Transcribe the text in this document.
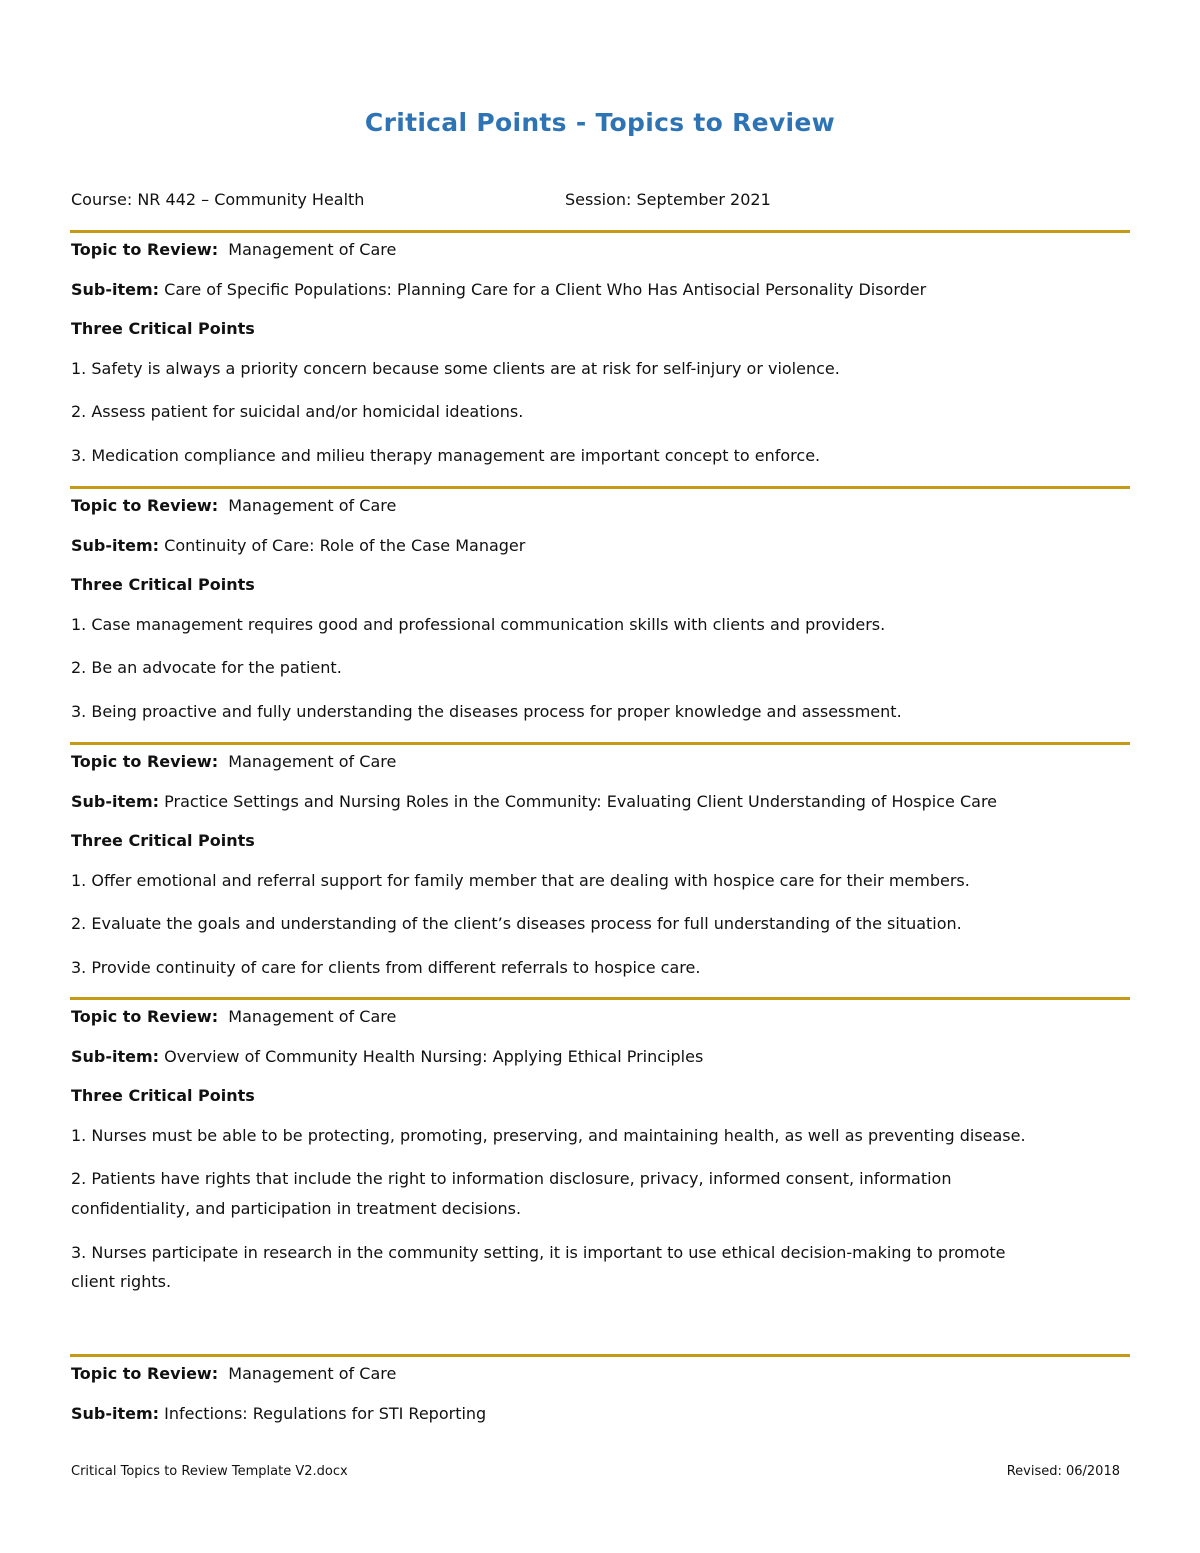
Critical Points - Topics to Review
Course: NR 442 – Community Health	Session: September 2021
Topic to Review: Management of Care
Sub-item: Care of Specific Populations: Planning Care for a Client Who Has Antisocial Personality Disorder
Three Critical Points
1. Safety is always a priority concern because some clients are at risk for self-injury or violence.
2. Assess patient for suicidal and/or homicidal ideations.
3. Medication compliance and milieu therapy management are important concept to enforce.
Topic to Review: Management of Care
Sub-item: Continuity of Care: Role of the Case Manager
Three Critical Points
1. Case management requires good and professional communication skills with clients and providers.
2. Be an advocate for the patient.
3. Being proactive and fully understanding the diseases process for proper knowledge and assessment.
Topic to Review: Management of Care
Sub-item: Practice Settings and Nursing Roles in the Community: Evaluating Client Understanding of Hospice Care
Three Critical Points
1. Offer emotional and referral support for family member that are dealing with hospice care for their members.
2. Evaluate the goals and understanding of the client’s diseases process for full understanding of the situation.
3. Provide continuity of care for clients from different referrals to hospice care.
Topic to Review: Management of Care
Sub-item: Overview of Community Health Nursing: Applying Ethical Principles
Three Critical Points
1. Nurses must be able to be protecting, promoting, preserving, and maintaining health, as well as preventing disease.
2. Patients have rights that include the right to information disclosure, privacy, informed consent, information
confidentiality, and participation in treatment decisions.
3. Nurses participate in research in the community setting, it is important to use ethical decision-making to promote
client rights.
Topic to Review: Management of Care
Sub-item: Infections: Regulations for STI Reporting
Critical Topics to Review Template V2.docx	Revised: 06/2018
